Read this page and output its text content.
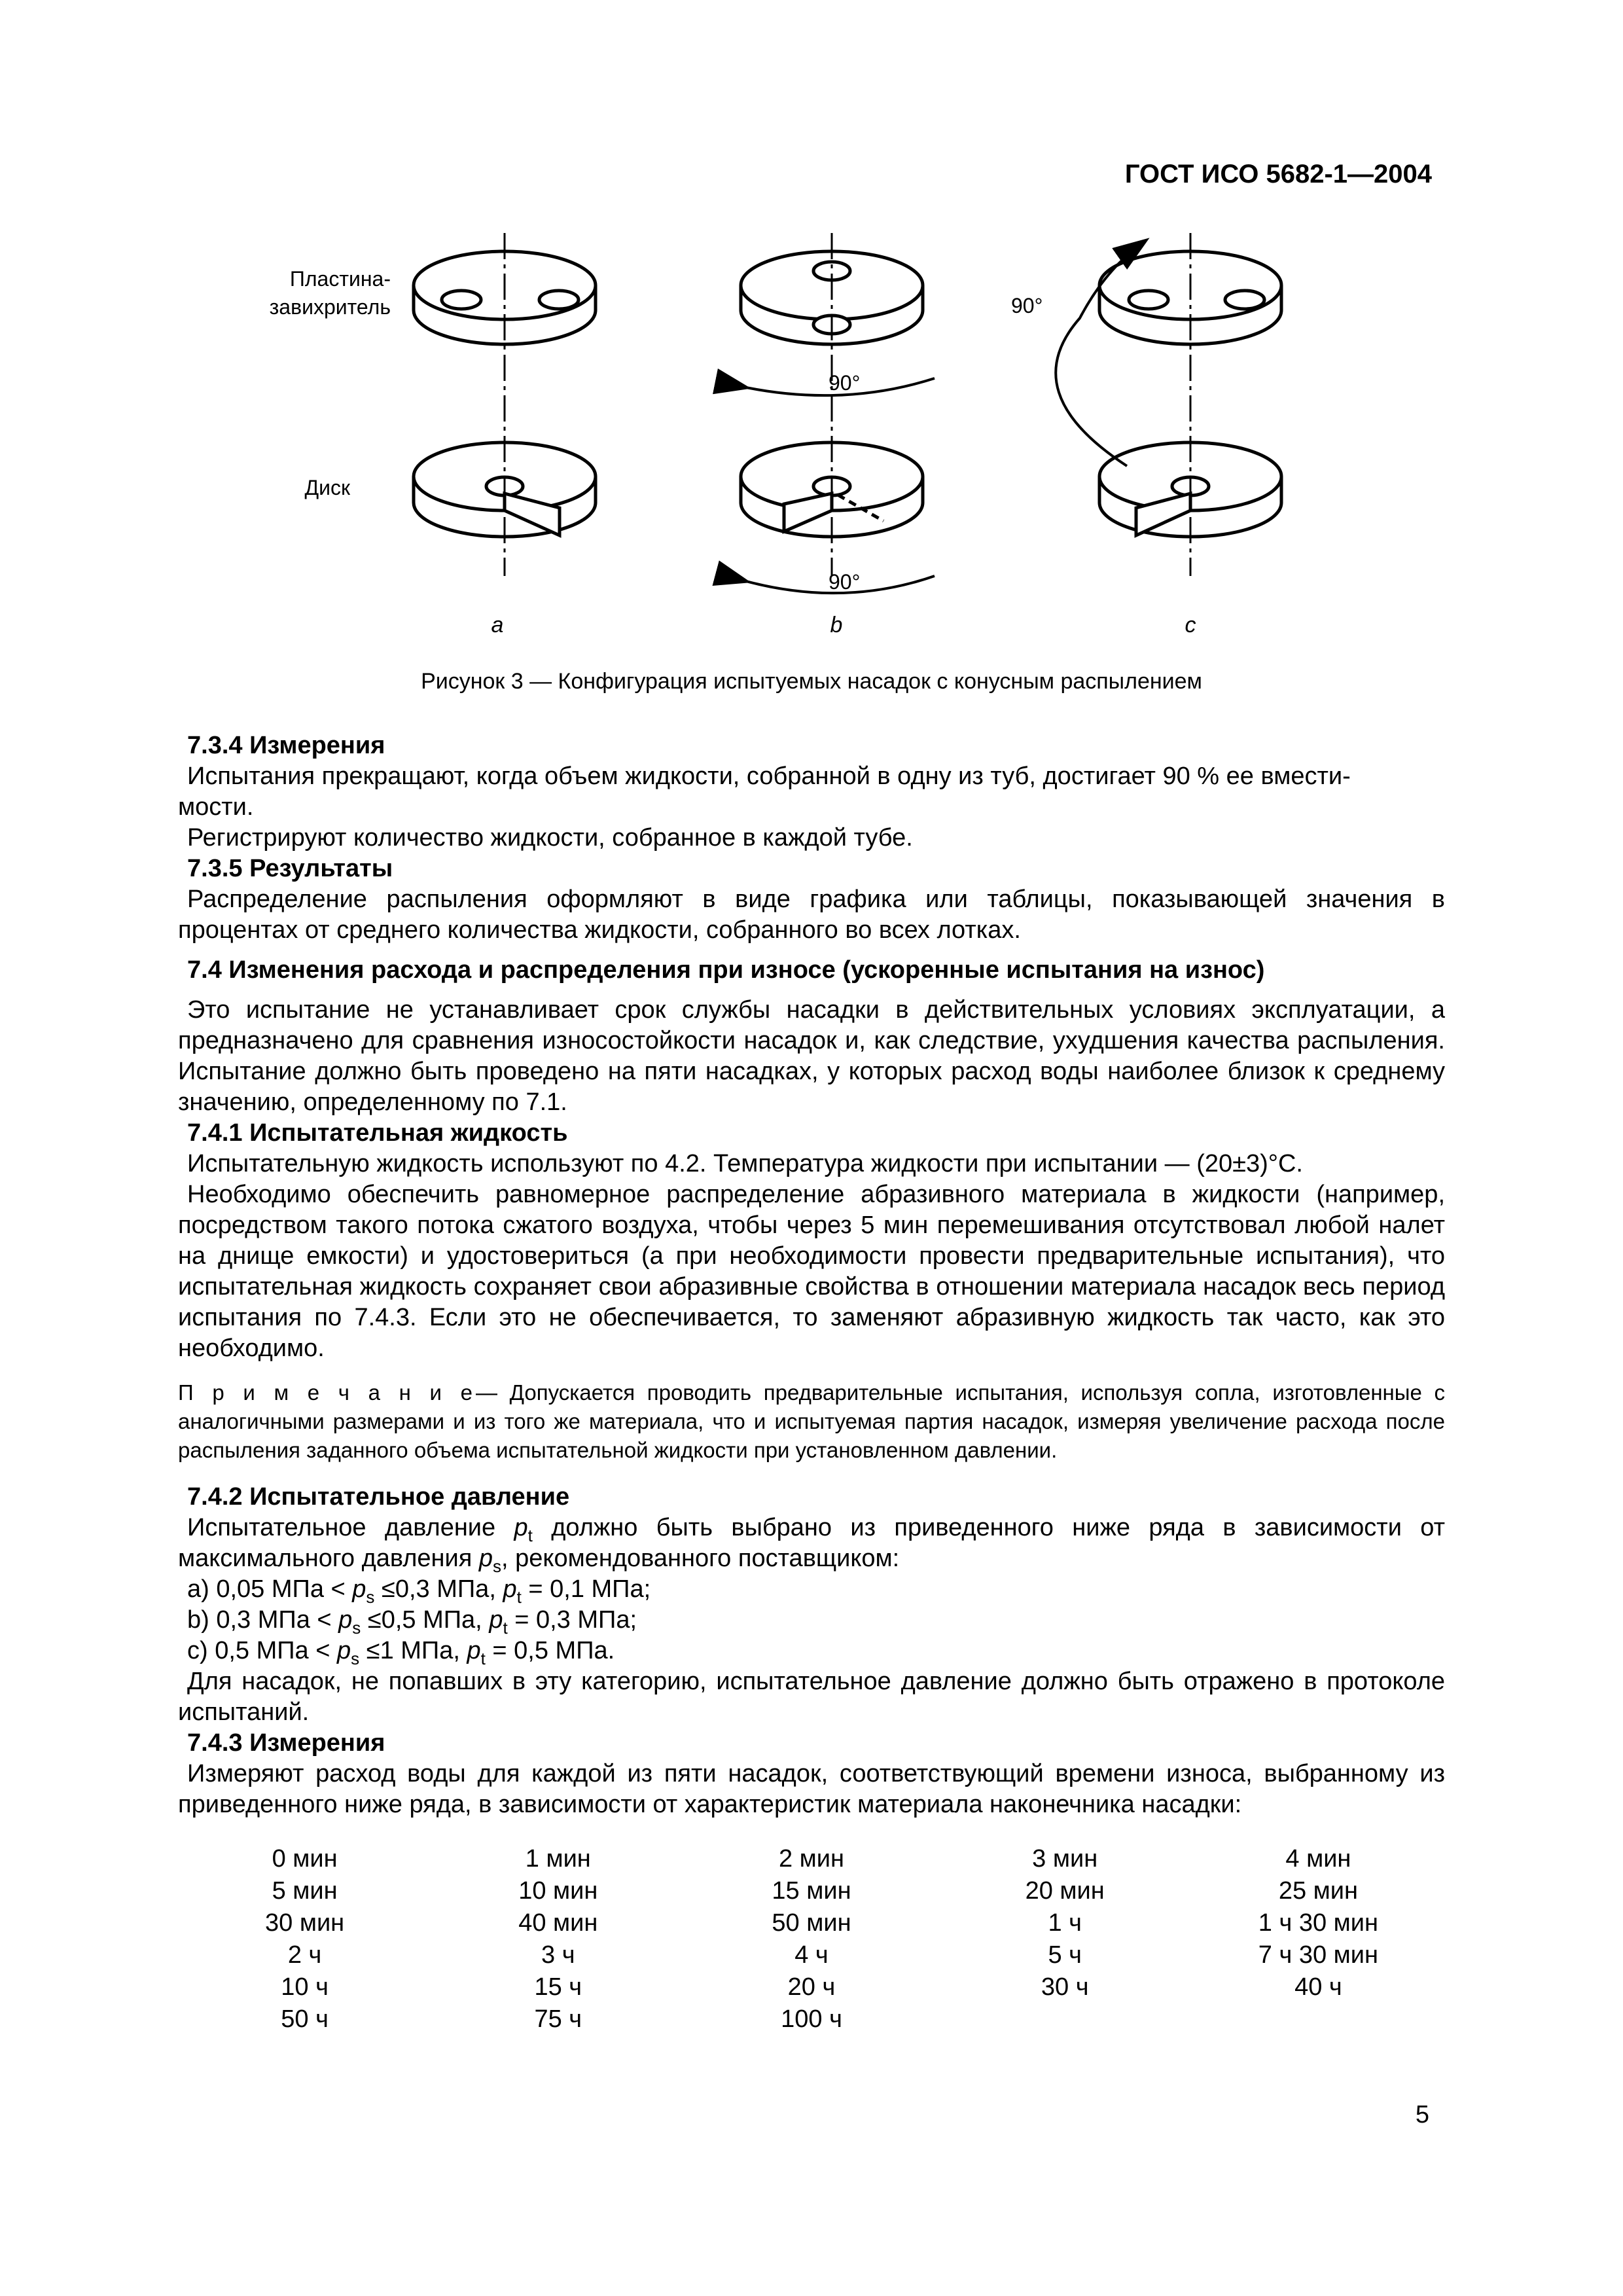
ГОСТ ИСО 5682-1—2004
Пластина-
завихритель
Диск
90°
90°
90°
a	b	c
Рисунок 3 — Конфигурация испытуемых насадок с конусным распылением

7.3.4 Измерения

Испытания прекращают, когда объем жидкости, собранной в одну из туб, достигает 90 % ее вмести-

мости.

Регистрируют количество жидкости, собранное в каждой тубе.

7.3.5 Результаты

Распределение распыления оформляют в виде графика или таблицы, показывающей значения в процентах от среднего количества жидкости, собранного во всех лотках.

7.4 Изменения расхода и распределения при износе (ускоренные испытания на износ)

Это испытание не устанавливает срок службы насадки в действительных условиях эксплуатации, а предназначено для сравнения износостойкости насадок и, как следствие, ухудшения качества распыления. Испытание должно быть проведено на пяти насадках, у которых расход воды наиболее близок к среднему значению, определенному по 7.1.

7.4.1 Испытательная жидкость

Испытательную жидкость используют по 4.2. Температура жидкости при испытании — (20±3)°С.

Необходимо обеспечить равномерное распределение абразивного материала в жидкости (например, посредством такого потока сжатого воздуха, чтобы через 5 мин перемешивания отсутствовал любой налет на днище емкости) и удостовериться (а при необходимости провести предварительные испытания), что испытательная жидкость сохраняет свои абразивные свойства в отношении материала насадок весь период испытания по 7.4.3. Если это не обеспечивается, то заменяют абразивную жидкость так часто, как это необходимо.

П р и м е ч а н и е— Допускается проводить предварительные испытания, используя сопла, изготовленные с аналогичными размерами и из того же материала, что и испытуемая партия насадок, измеряя увеличение расхода после распыления заданного объема испытательной жидкости при установленном давлении.

7.4.2 Испытательное давление

Испытательное давление $p_t$ должно быть выбрано из приведенного ниже ряда в зависимости от максимального давления $p_s$, рекомендованного поставщиком:

a) 0,05 МПа < $p_s \le 0,3$ МПа, $p_t = 0,1$ МПа;

b) 0,3 МПа < $p_s \le 0,5$ МПа, $p_t = 0,3$ МПа;

c) 0,5 МПа < $p_s \le 1$ МПа, $p_t = 0,5$ МПа.

Для насадок, не попавших в эту категорию, испытательное давление должно быть отражено в протоколе испытаний.

7.4.3 Измерения

Измеряют расход воды для каждой из пяти насадок, соответствующий времени износа, выбранному из приведенного ниже ряда, в зависимости от характеристик материала наконечника насадки:

0 мин	1 мин	2 мин	3 мин	4 мин
5 мин	10 мин	15 мин	20 мин	25 мин
30 мин	40 мин	50 мин	1 ч	1 ч 30 мин
2 ч	3 ч	4 ч	5 ч	7 ч 30 мин
10 ч	15 ч	20 ч	30 ч	40 ч
50 ч	75 ч	100 ч
5
